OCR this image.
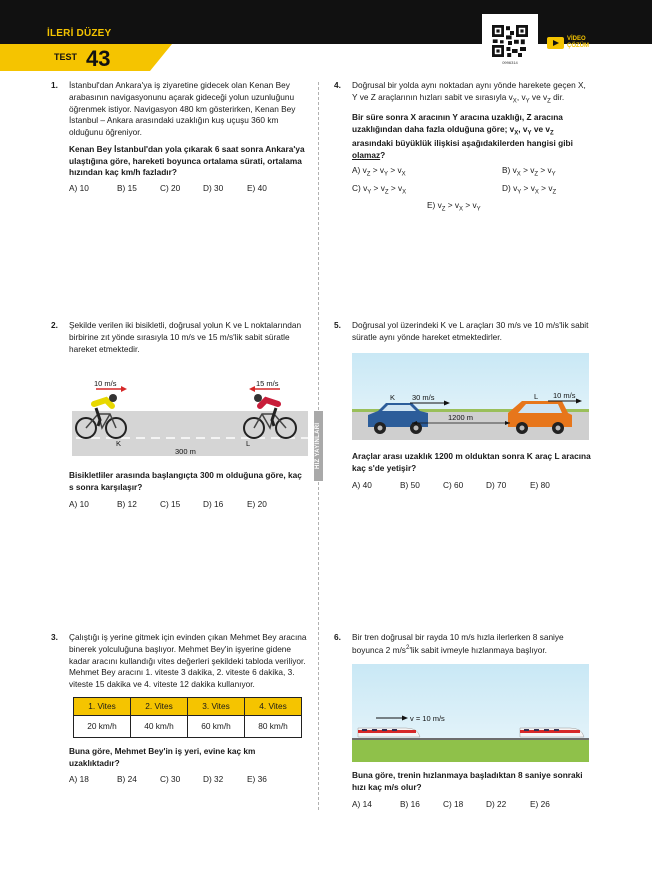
İLERİ DÜZEY
TEST 43	KUVVET-HAREKET
Hareket ve Hareket Türleri	0996314
VİDEO
ÇÖZÜM
HIZ YAYINLARI
1. İstanbul'dan Ankara'ya iş ziyaretine gidecek olan Kenan Bey arabasının navigasyonunu açarak gideceği yolun uzunluğunu öğrenmek istiyor. Navigasyon 480 km gösterirken, Kenan Bey İstanbul – Ankara arasındaki uzaklığın kuş uçuşu 360 km olduğunu öğreniyor.

Kenan Bey İstanbul'dan yola çıkarak 6 saat sonra Ankara'ya ulaştığına göre, hareketi boyunca ortalama sürati, ortalama hızından kaç km/h fazladır?

A) 10	B) 15	C) 20	D) 30	E) 40
2. Şekilde verilen iki bisikletli, doğrusal yolun K ve L noktalarından birbirine zıt yönde sırasıyla 10 m/s ve 15 m/s'lik sabit süratle hareket etmektedir.

10 m/s	15 m/s
K	L
300 m

Bisikletliler arasında başlangıçta 300 m olduğuna göre, kaç s sonra karşılaşır?

A) 10	B) 12	C) 15	D) 16	E) 20
3. Çalıştığı iş yerine gitmek için evinden çıkan Mehmet Bey aracına binerek yolculuğuna başlıyor. Mehmet Bey'in işyerine gidene kadar aracını kullandığı vites değerleri şekildeki tabloda veriliyor. Mehmet Bey aracını 1. viteste 3 dakika, 2. viteste 6 dakika, 3. viteste 15 dakika ve 4. viteste 12 dakika kullanıyor.

1. Vites	2. Vites	3. Vites	4. Vites
20 km/h	40 km/h	60 km/h	80 km/h

Buna göre, Mehmet Bey'in iş yeri, evine kaç km uzaklıktadır?

A) 18	B) 24	C) 30	D) 32	E) 36
4. Doğrusal bir yolda aynı noktadan aynı yönde harekete geçen X, Y ve Z araçlarının hızları sabit ve sırasıyla $v_X$, $v_Y$ ve $v_Z$ dir.

Bir süre sonra X aracının Y aracına uzaklığı, Z aracına uzaklığından daha fazla olduğuna göre; $v_X$, $v_Y$ ve $v_Z$ arasındaki büyüklük ilişkisi aşağıdakilerden hangisi gibi olamaz?

A) $v_Z > v_Y > v_X$	B) $v_X > v_Z > v_Y$
C) $v_Y > v_Z > v_X$	D) $v_Y > v_X > v_Z$
E) $v_Z > v_X > v_Y$
5. Doğrusal yol üzerindeki K ve L araçları 30 m/s ve 10 m/s'lik sabit süratle aynı yönde hareket etmektedirler.

30 m/s	10 m/s
K	L
1200 m

Araçlar arası uzaklık 1200 m olduktan sonra K araç L aracına kaç s'de yetişir?

A) 40	B) 50	C) 60	D) 70	E) 80
6. Bir tren doğrusal bir rayda 10 m/s hızla ilerlerken 8 saniye boyunca 2 $m/s^2'lik$ sabit ivmeyle hızlanmaya başlıyor.

v = 10 m/s

Buna göre, trenin hızlanmaya başladıktan 8 saniye sonraki hızı kaç m/s olur?

A) 14	B) 16	C) 18	D) 22	E) 26
